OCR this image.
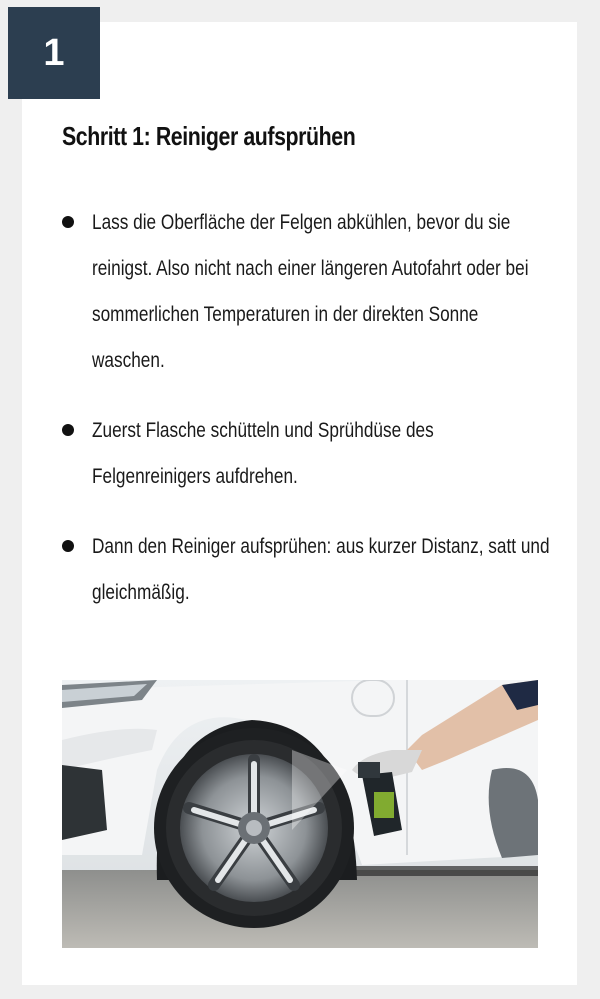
1
Schritt 1: Reiniger aufsprühen
Lass die Oberfläche der Felgen abkühlen, bevor du sie reinigst. Also nicht nach einer längeren Autofahrt oder bei sommerlichen Temperaturen in der direkten Sonne waschen.
Zuerst Flasche schütteln und Sprühdüse des Felgenreinigers aufdrehen.
Dann den Reiniger aufsprühen: aus kurzer Distanz, satt und gleichmäßig.
